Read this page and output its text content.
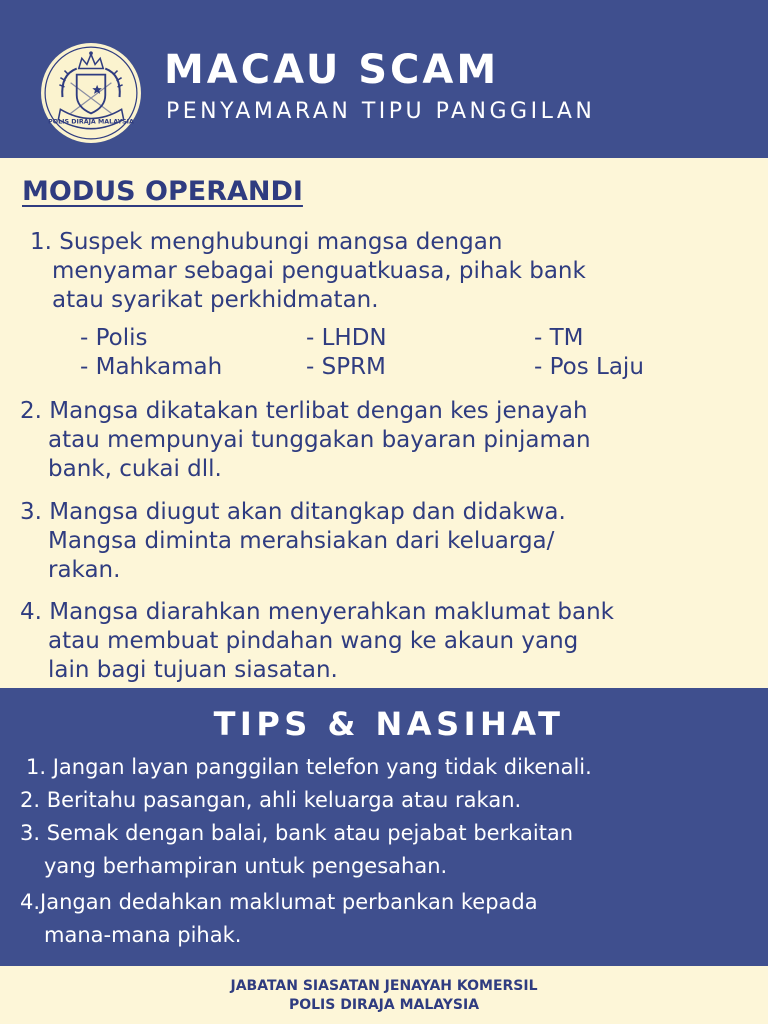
POLIS DIRAJA MALAYSIA
MACAU SCAM
PENYAMARAN TIPU PANGGILAN
MODUS OPERANDI
1. Suspek menghubungi mangsa dengan
menyamar sebagai penguatkuasa, pihak bank
atau syarikat perkhidmatan.
- Polis	- LHDN	- TM
- Mahkamah	- SPRM	- Pos Laju
2. Mangsa dikatakan terlibat dengan kes jenayah
atau mempunyai tunggakan bayaran pinjaman
bank, cukai dll.
3. Mangsa diugut akan ditangkap dan didakwa.
Mangsa diminta merahsiakan dari keluarga/
rakan.
4. Mangsa diarahkan menyerahkan maklumat bank
atau membuat pindahan wang ke akaun yang
lain bagi tujuan siasatan.
TIPS & NASIHAT
1. Jangan layan panggilan telefon yang tidak dikenali.
2. Beritahu pasangan, ahli keluarga atau rakan.
3. Semak dengan balai, bank atau pejabat berkaitan
yang berhampiran untuk pengesahan.
4.Jangan dedahkan maklumat perbankan kepada
mana-mana pihak.
JABATAN SIASATAN JENAYAH KOMERSIL
POLIS DIRAJA MALAYSIA
